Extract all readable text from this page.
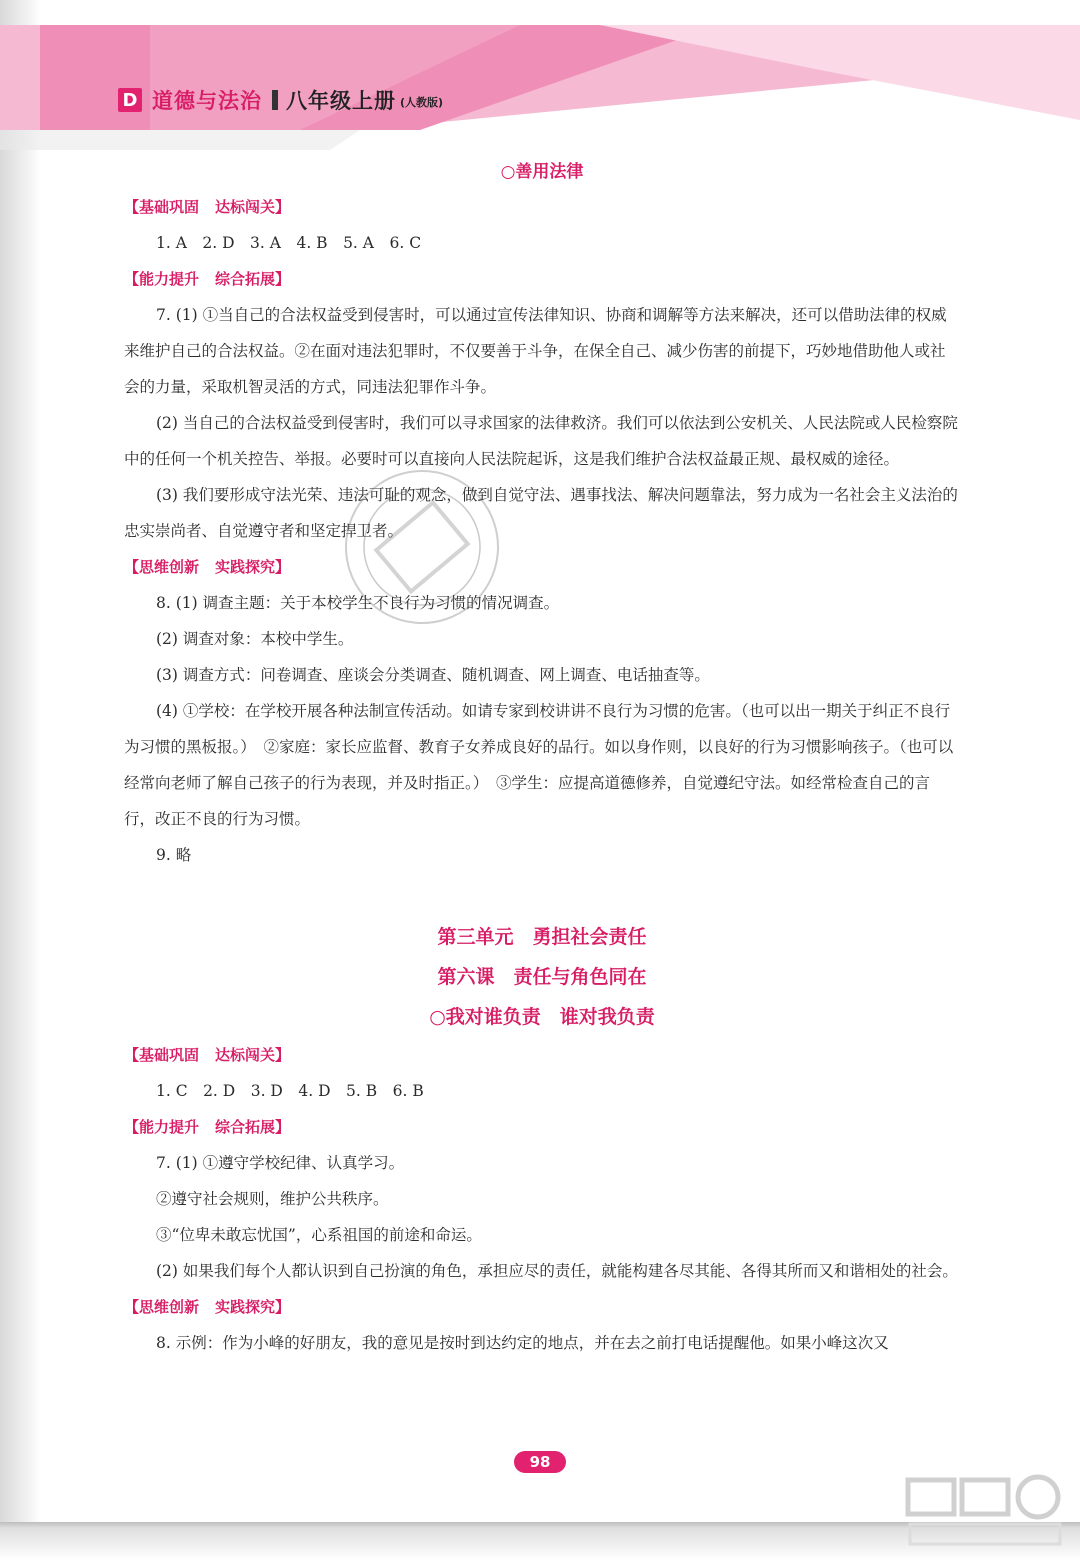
D 道德与法治 八年级上册 (人教版)
○善用法律
【基础巩固 达标闯关】

1. A　2. D　3. A　4. B　5. A　6. C

【能力提升 综合拓展】

7. (1) ①当自己的合法权益受到侵害时，可以通过宣传法律知识、协商和调解等方法来解决，还可以借助法律的权威来维护自己的合法权益。②在面对违法犯罪时，不仅要善于斗争，在保全自己、减少伤害的前提下，巧妙地借助他人或社会的力量，采取机智灵活的方式，同违法犯罪作斗争。

(2) 当自己的合法权益受到侵害时，我们可以寻求国家的法律救济。我们可以依法到公安机关、人民法院或人民检察院中的任何一个机关控告、举报。必要时可以直接向人民法院起诉，这是我们维护合法权益最正规、最权威的途径。

(3) 我们要形成守法光荣、违法可耻的观念，做到自觉守法、遇事找法、解决问题靠法，努力成为一名社会主义法治的忠实崇尚者、自觉遵守者和坚定捍卫者。

【思维创新 实践探究】

8. (1) 调查主题：关于本校学生不良行为习惯的情况调查。

(2) 调查对象：本校中学生。

(3) 调查方式：问卷调查、座谈会分类调查、随机调查、网上调查、电话抽查等。

(4) ①学校：在学校开展各种法制宣传活动。如请专家到校讲讲不良行为习惯的危害。（也可以出一期关于纠正不良行为习惯的黑板报。）　②家庭：家长应监督、教育子女养成良好的品行。如以身作则，以良好的行为习惯影响孩子。（也可以经常向老师了解自己孩子的行为表现，并及时指正。）　③学生：应提高道德修养，自觉遵纪守法。如经常检查自己的言行，改正不良的行为习惯。

9. 略

第三单元　勇担社会责任
第六课　责任与角色同在
○我对谁负责　谁对我负责
【基础巩固 达标闯关】

1. C　2. D　3. D　4. D　5. B　6. B

【能力提升 综合拓展】

7. (1) ①遵守学校纪律、认真学习。

②遵守社会规则，维护公共秩序。

③“位卑未敢忘忧国”，心系祖国的前途和命运。

(2) 如果我们每个人都认识到自己扮演的角色，承担应尽的责任，就能构建各尽其能、各得其所而又和谐相处的社会。

【思维创新 实践探究】

8. 示例：作为小峰的好朋友，我的意见是按时到达约定的地点，并在去之前打电话提醒他。如果小峰这次又

98
